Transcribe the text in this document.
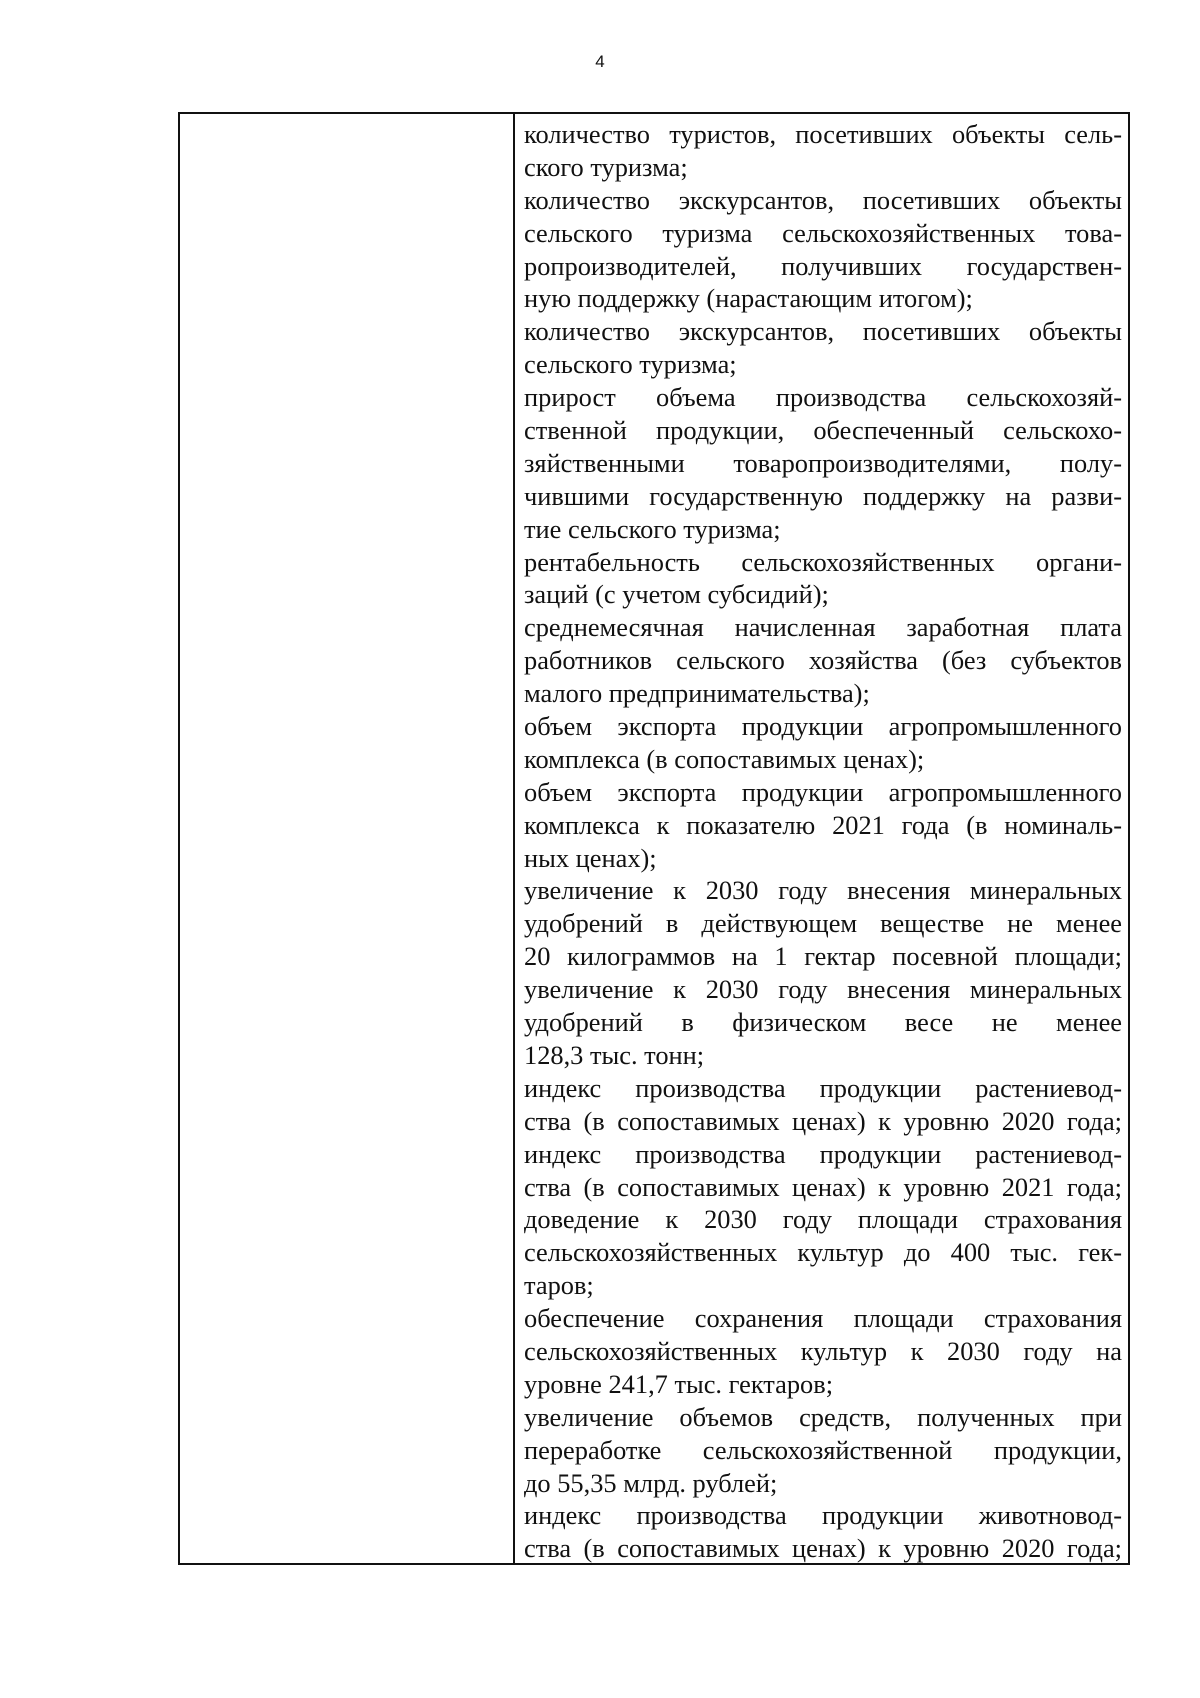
4
количество туристов, посетивших объекты сель-
ского туризма;
количество экскурсантов, посетивших объекты
сельского туризма сельскохозяйственных това-
ропроизводителей, получивших государствен-
ную поддержку (нарастающим итогом);
количество экскурсантов, посетивших объекты
сельского туризма;
прирост объема производства сельскохозяй-
ственной продукции, обеспеченный сельскохо-
зяйственными товаропроизводителями, полу-
чившими государственную поддержку на разви-
тие сельского туризма;
рентабельность сельскохозяйственных органи-
заций (с учетом субсидий);
среднемесячная начисленная заработная плата
работников сельского хозяйства (без субъектов
малого предпринимательства);
объем экспорта продукции агропромышленного
комплекса (в сопоставимых ценах);
объем экспорта продукции агропромышленного
комплекса к показателю 2021 года (в номиналь-
ных ценах);
увеличение к 2030 году внесения минеральных
удобрений в действующем веществе не менее
20 килограммов на 1 гектар посевной площади;
увеличение к 2030 году внесения минеральных
удобрений в физическом весе не менее
128,3 тыс. тонн;
индекс производства продукции растениевод-
ства (в сопоставимых ценах) к уровню 2020 года;
индекс производства продукции растениевод-
ства (в сопоставимых ценах) к уровню 2021 года;
доведение к 2030 году площади страхования
сельскохозяйственных культур до 400 тыс. гек-
таров;
обеспечение сохранения площади страхования
сельскохозяйственных культур к 2030 году на
уровне 241,7 тыс. гектаров;
увеличение объемов средств, полученных при
переработке сельскохозяйственной продукции,
до 55,35 млрд. рублей;
индекс производства продукции животновод-
ства (в сопоставимых ценах) к уровню 2020 года;
